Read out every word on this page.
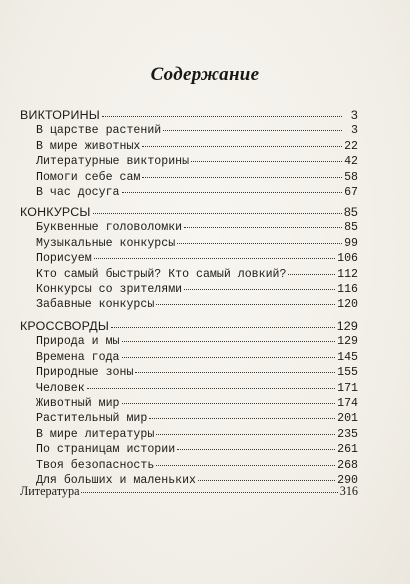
Содержание
ВИКТОРИНЫ	3
В царстве растений	3
В мире животных	22
Литературные викторины	42
Помоги себе сам	58
В час досуга	67
КОНКУРСЫ	85
Буквенные головоломки	85
Музыкальные конкурсы	99
Порисуем	106
Кто самый быстрый? Кто самый ловкий?	112
Конкурсы со зрителями	116
Забавные конкурсы	120
КРОССВОРДЫ	129
Природа и мы	129
Времена года	145
Природные зоны	155
Человек	171
Животный мир	174
Растительный мир	201
В мире литературы	235
По страницам истории	261
Твоя безопасность	268
Для больших и маленьких	290
Литература	316
